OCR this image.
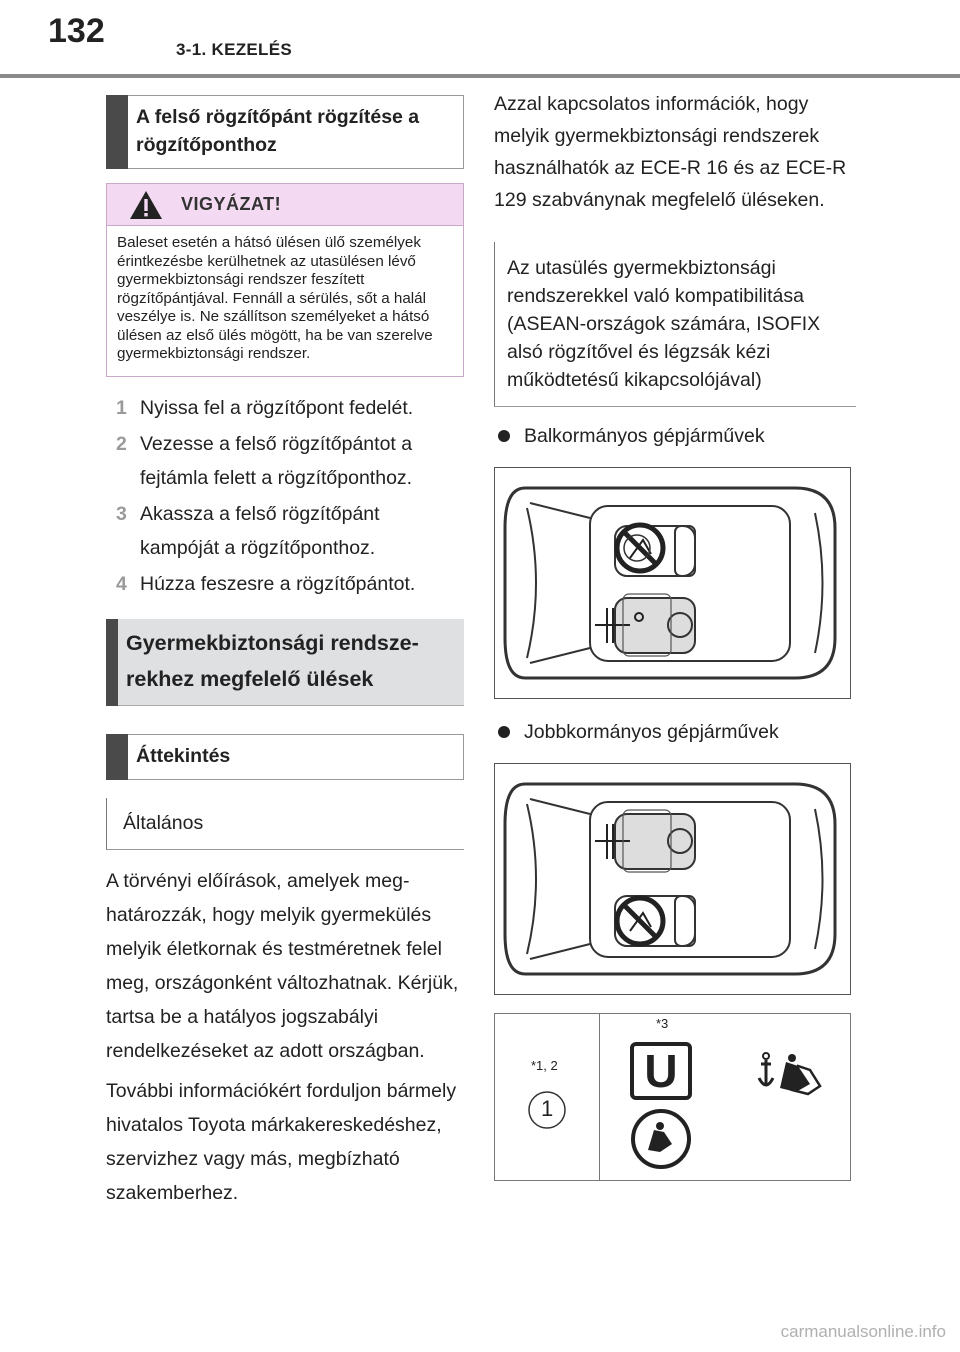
132	3-1. KEZELÉS
A felső rögzítőpánt rögzítése a rögzítőponthoz
VIGYÁZAT!
Baleset esetén a hátsó ülésen ülő személyek érintkezésbe kerülhetnek az utasülésen lévő gyermekbiztonsági rendszer feszített rögzítőpántjával. Fennáll a sérülés, sőt a halál veszélye is. Ne szállítson személyeket a hátsó ülésen az első ülés mögött, ha be van szerelve gyermekbiztonsági rendszer.
1 Nyissa fel a rögzítőpont fedelét.
2 Vezesse a felső rögzítőpántot a fejtámla felett a rögzítőponthoz.
3 Akassza a felső rögzítőpánt kampóját a rögzítőponthoz.
4 Húzza feszesre a rögzítőpántot.
Gyermekbiztonsági rendszerekhez megfelelő ülések
Áttekintés
Általános

A törvényi előírások, amelyek meghatározzák, hogy melyik gyermekülés melyik életkornak és testméretnek felel meg, országonként változhatnak. Kérjük, tartsa be a hatályos jogszabályi rendelkezéseket az adott országban.

További információkért forduljon bármely hivatalos Toyota márkakereskedéshez, szervizhez vagy más, megbízható szakemberhez.

Azzal kapcsolatos információk, hogy melyik gyermekbiztonsági rendszerek használhatók az ECE-R 16 és az ECE-R 129 szabványnak megfelelő üléseken.

Az utasülés gyermekbiztonsági rendszerekkel való kompatibilitása (ASEAN-országok számára, ISOFIX alsó rögzítővel és légzsák kézi működtetésű kikapcsolójával)
Balkormányos gépjárművek
Jobbkormányos gépjárművek
*1, 2
1
*3
U
carmanualsonline.info
